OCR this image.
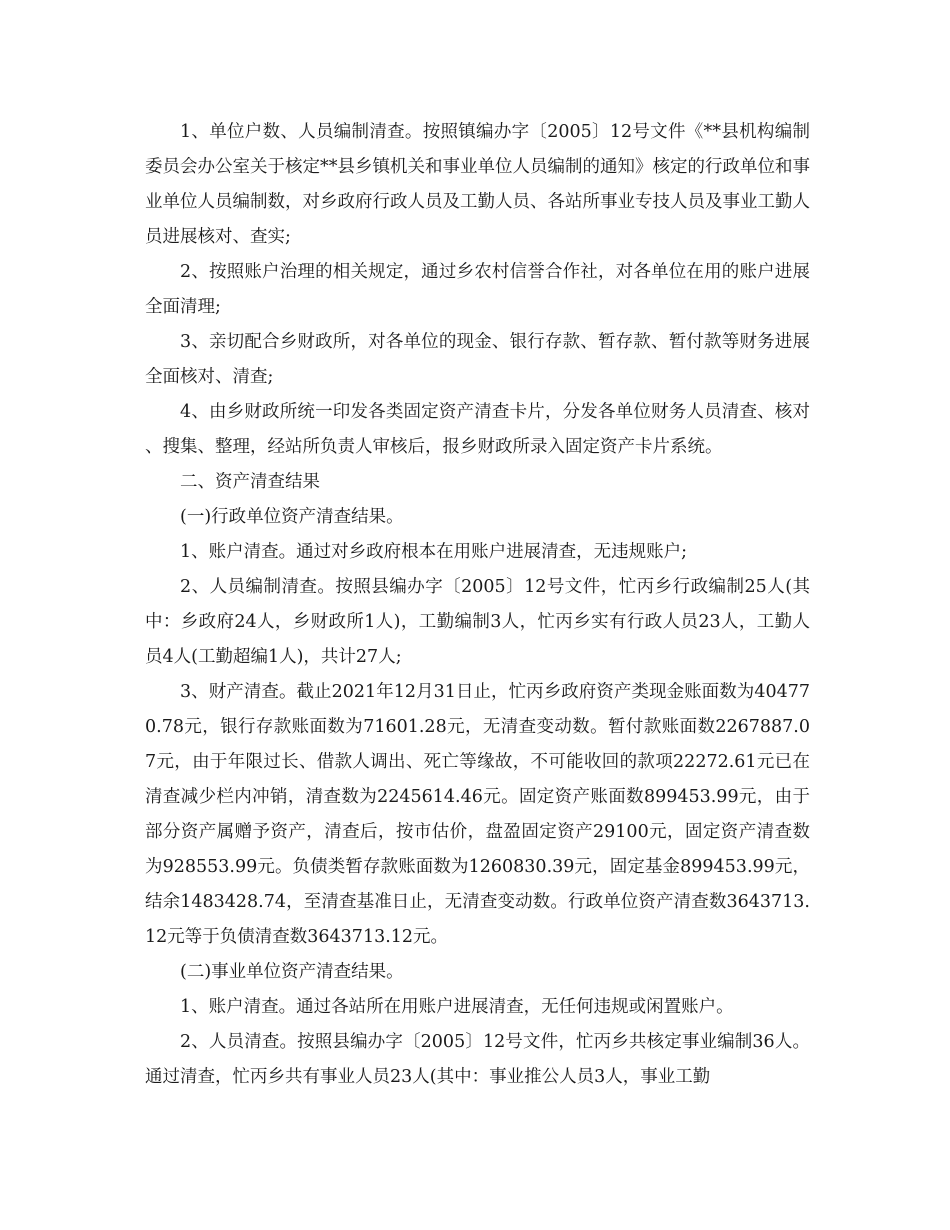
1、单位户数、人员编制清查。按照镇编办字〔2005〕12号文件《**县机构编制委员会办公室关于核定**县乡镇机关和事业单位人员编制的通知》核定的行政单位和事业单位人员编制数，对乡政府行政人员及工勤人员、各站所事业专技人员及事业工勤人员进展核对、查实;

2、按照账户治理的相关规定，通过乡农村信誉合作社，对各单位在用的账户进展全面清理;

3、亲切配合乡财政所，对各单位的现金、银行存款、暂存款、暂付款等财务进展全面核对、清查;

4、由乡财政所统一印发各类固定资产清查卡片，分发各单位财务人员清查、核对、搜集、整理，经站所负责人审核后，报乡财政所录入固定资产卡片系统。

二、资产清查结果

(一)行政单位资产清查结果。

1、账户清查。通过对乡政府根本在用账户进展清查，无违规账户;

2、人员编制清查。按照县编办字〔2005〕12号文件，忙丙乡行政编制25人(其中：乡政府24人，乡财政所1人)，工勤编制3人，忙丙乡实有行政人员23人，工勤人员4人(工勤超编1人)，共计27人;

3、财产清查。截止2021年12月31日止，忙丙乡政府资产类现金账面数为404770.78元，银行存款账面数为71601.28元，无清查变动数。暂付款账面数2267887.07元，由于年限过长、借款人调出、死亡等缘故，不可能收回的款项22272.61元已在清查减少栏内冲销，清查数为2245614.46元。固定资产账面数899453.99元，由于部分资产属赠予资产，清查后，按市估价，盘盈固定资产29100元，固定资产清查数为928553.99元。负债类暂存款账面数为1260830.39元，固定基金899453.99元，结余1483428.74，至清查基准日止，无清查变动数。行政单位资产清查数3643713.12元等于负债清查数3643713.12元。

(二)事业单位资产清查结果。

1、账户清查。通过各站所在用账户进展清查，无任何违规或闲置账户。

2、人员清查。按照县编办字〔2005〕12号文件，忙丙乡共核定事业编制36人。通过清查，忙丙乡共有事业人员23人(其中：事业推公人员3人，事业工勤
